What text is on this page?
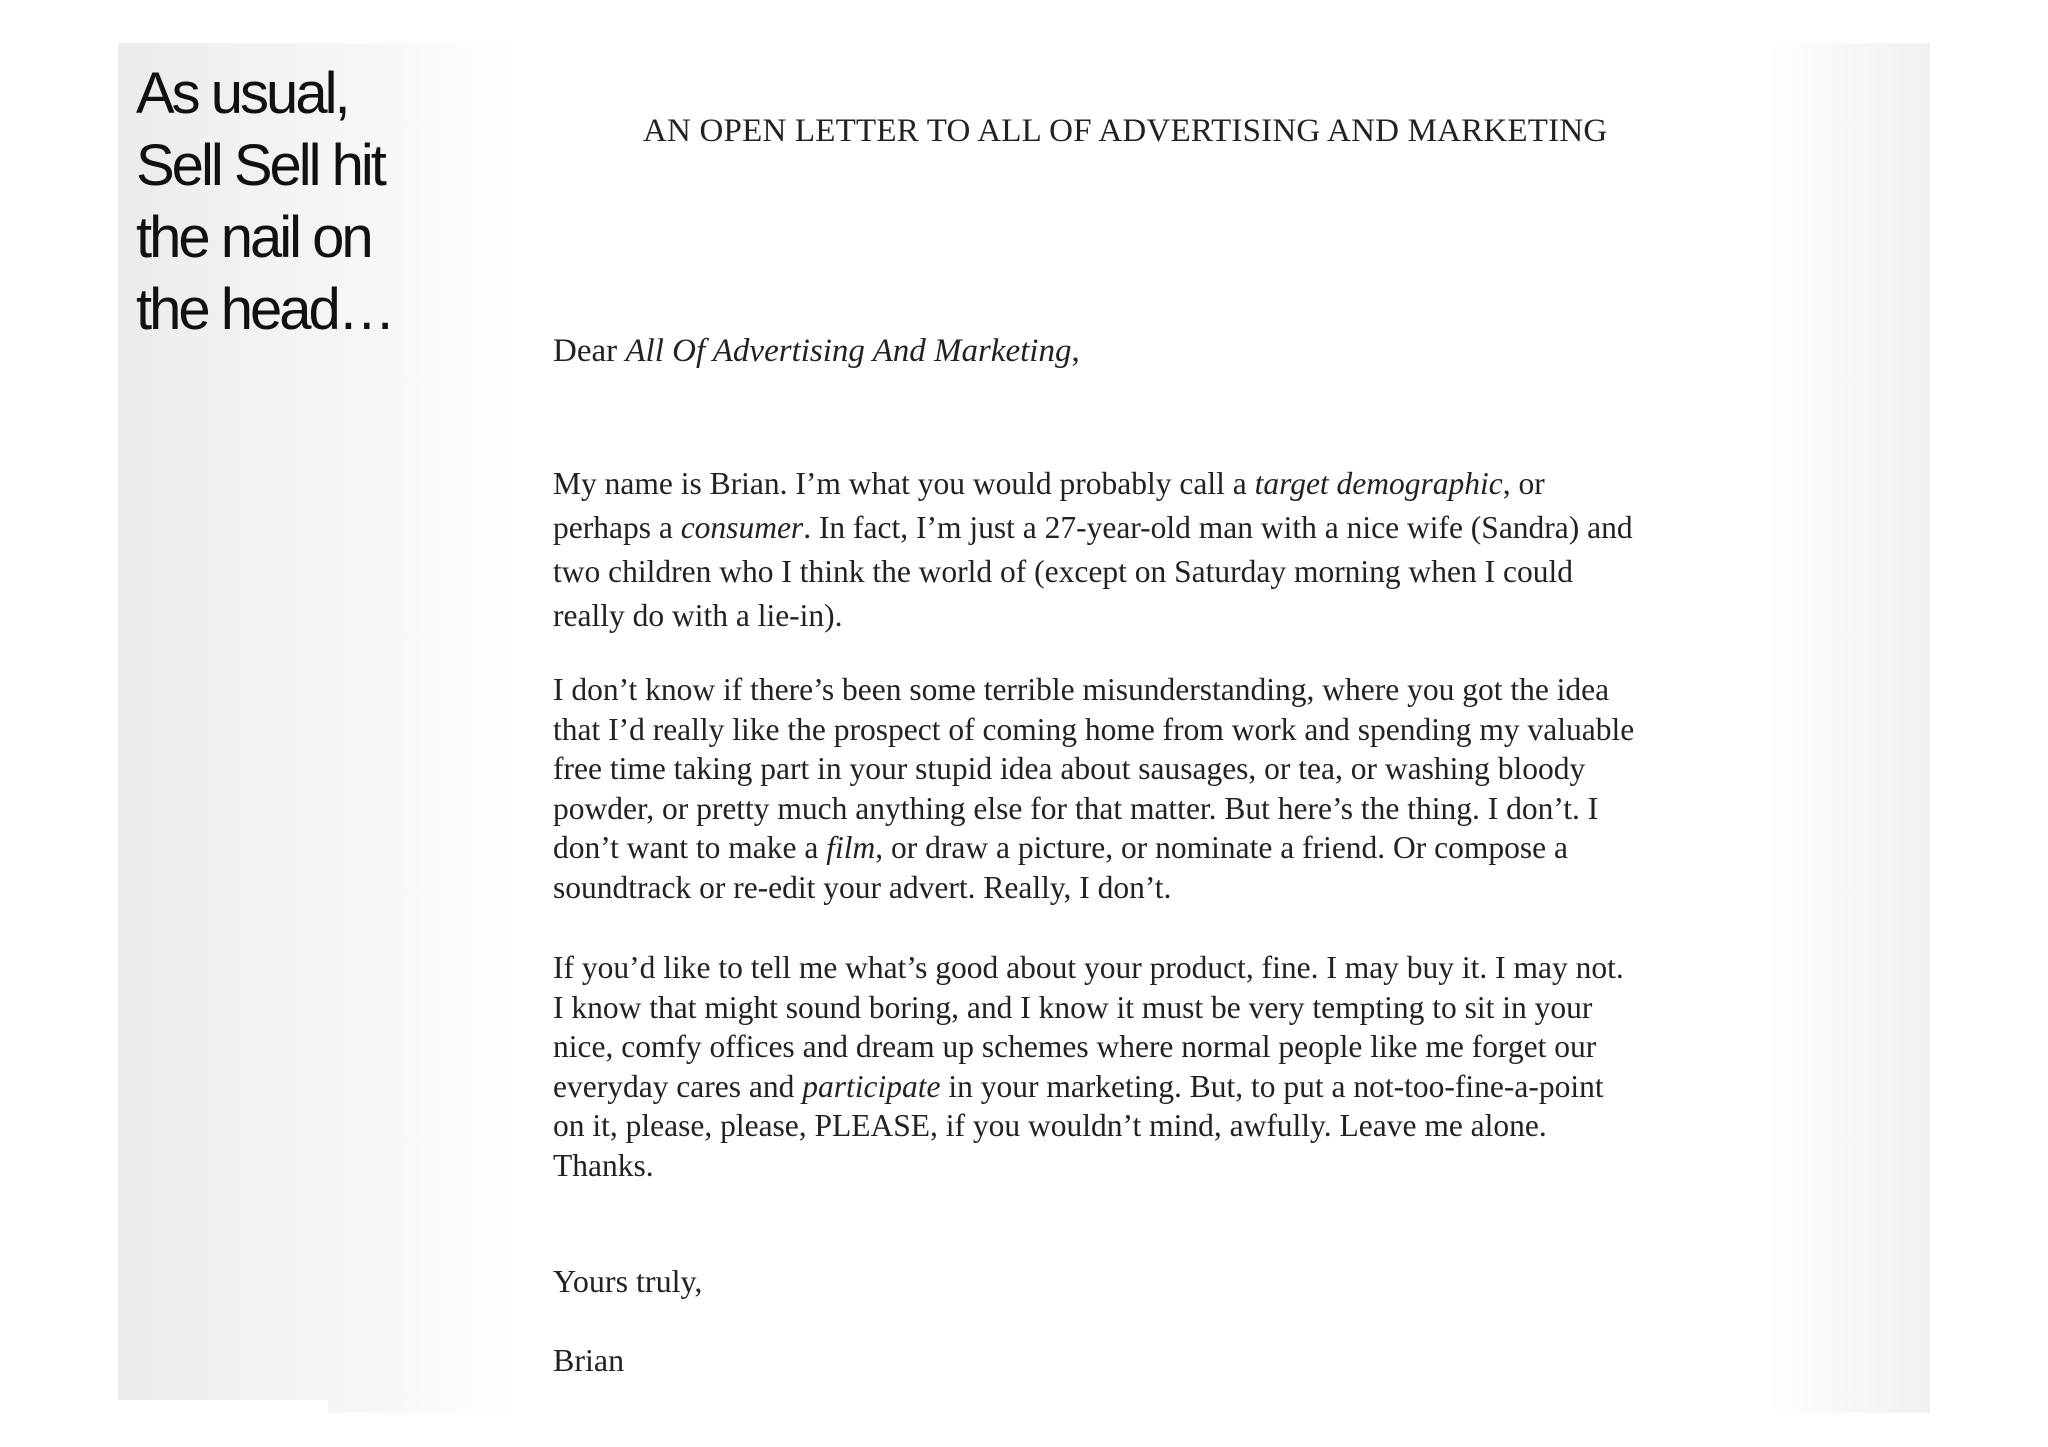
As usual,
Sell Sell hit
the nail on
the head…
AN OPEN LETTER TO ALL OF ADVERTISING AND MARKETING
Dear All Of Advertising And Marketing,
My name is Brian. I’m what you would probably call a target demographic, or
perhaps a consumer. In fact, I’m just a 27-year-old man with a nice wife (Sandra) and
two children who I think the world of (except on Saturday morning when I could
really do with a lie-in).
I don’t know if there’s been some terrible misunderstanding, where you got the idea
that I’d really like the prospect of coming home from work and spending my valuable
free time taking part in your stupid idea about sausages, or tea, or washing bloody
powder, or pretty much anything else for that matter. But here’s the thing. I don’t. I
don’t want to make a film, or draw a picture, or nominate a friend. Or compose a
soundtrack or re-edit your advert. Really, I don’t.
If you’d like to tell me what’s good about your product, fine. I may buy it. I may not.
I know that might sound boring, and I know it must be very tempting to sit in your
nice, comfy offices and dream up schemes where normal people like me forget our
everyday cares and participate in your marketing. But, to put a not-too-fine-a-point
on it, please, please, PLEASE, if you wouldn’t mind, awfully. Leave me alone.
Thanks.
Yours truly,
Brian
